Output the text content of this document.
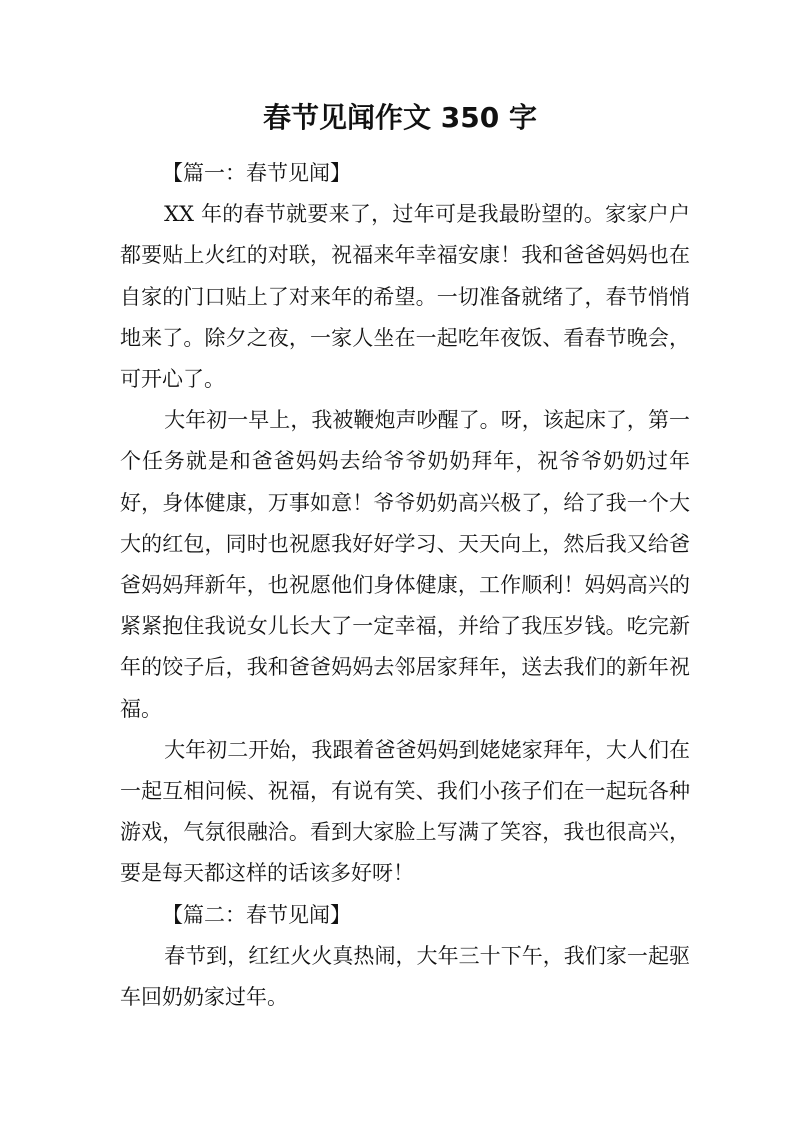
春节见闻作文 350 字

【篇一：春节见闻】

XX 年的春节就要来了，过年可是我最盼望的。家家户户都要贴上火红的对联，祝福来年幸福安康！我和爸爸妈妈也在自家的门口贴上了对来年的希望。一切准备就绪了，春节悄悄地来了。除夕之夜，一家人坐在一起吃年夜饭、看春节晚会，可开心了。

大年初一早上，我被鞭炮声吵醒了。呀，该起床了，第一个任务就是和爸爸妈妈去给爷爷奶奶拜年，祝爷爷奶奶过年好，身体健康，万事如意！爷爷奶奶高兴极了，给了我一个大大的红包，同时也祝愿我好好学习、天天向上，然后我又给爸爸妈妈拜新年，也祝愿他们身体健康，工作顺利！妈妈高兴的紧紧抱住我说女儿长大了一定幸福，并给了我压岁钱。吃完新年的饺子后，我和爸爸妈妈去邻居家拜年，送去我们的新年祝福。

大年初二开始，我跟着爸爸妈妈到姥姥家拜年，大人们在一起互相问候、祝福，有说有笑、我们小孩子们在一起玩各种游戏，气氛很融洽。看到大家脸上写满了笑容，我也很高兴，要是每天都这样的话该多好呀！

【篇二：春节见闻】

春节到，红红火火真热闹，大年三十下午，我们家一起驱车回奶奶家过年。
